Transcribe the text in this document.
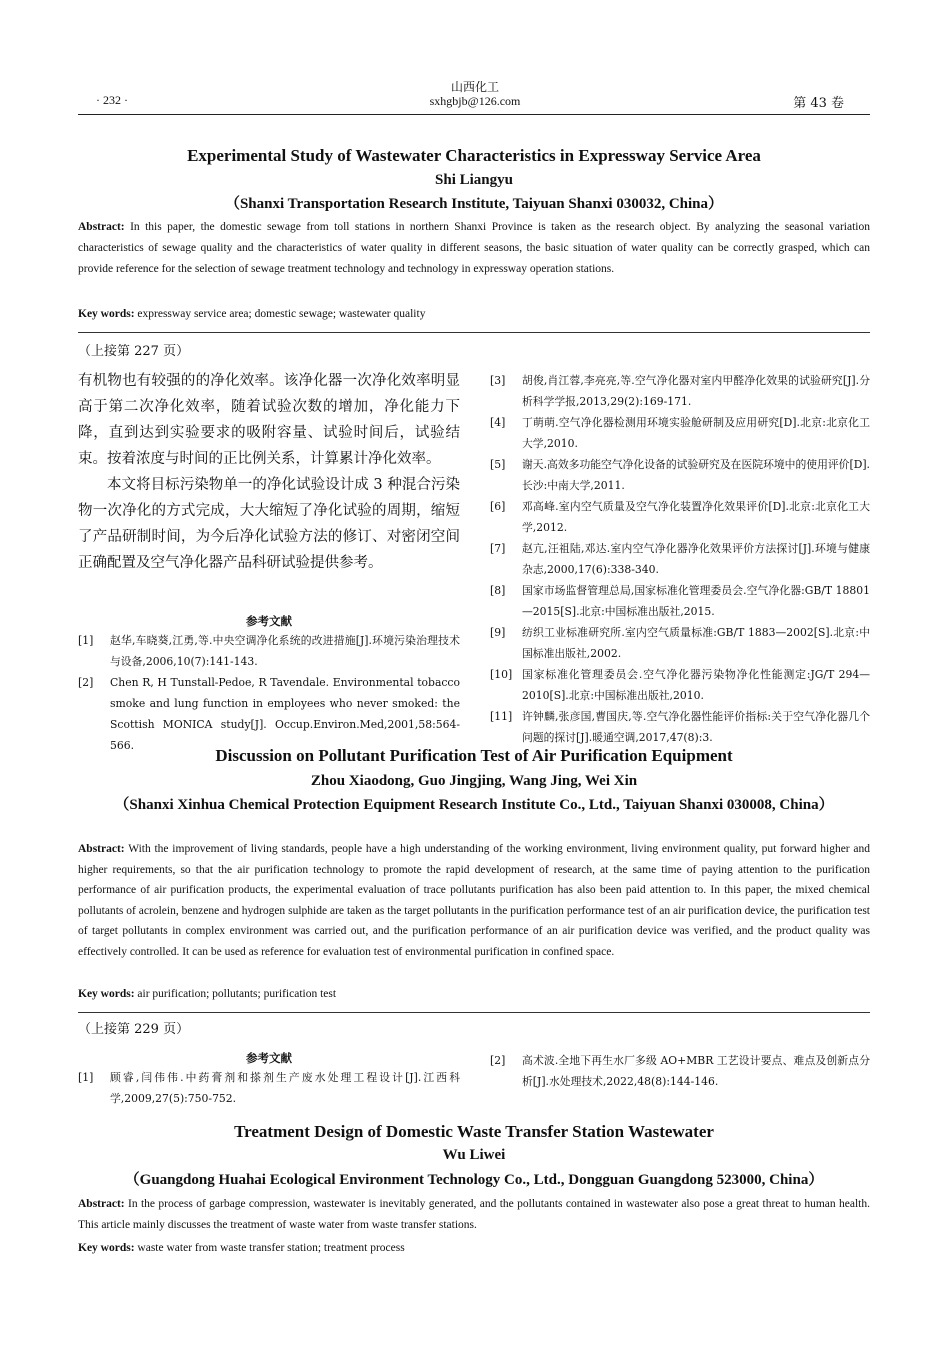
· 232 ·
山西化工
sxhgbjb@126.com	第 43 卷
Experimental Study of Wastewater Characteristics in Expressway Service Area
Shi Liangyu
（Shanxi Transportation Research Institute, Taiyuan Shanxi 030032, China）
Abstract: In this paper, the domestic sewage from toll stations in northern Shanxi Province is taken as the research object. By analyzing the seasonal variation characteristics of sewage quality and the characteristics of water quality in different seasons, the basic situation of water quality can be correctly grasped, which can provide reference for the selection of sewage treatment technology and technology in expressway operation stations.
Key words: expressway service area; domestic sewage; wastewater quality
（上接第 227 页）

有机物也有较强的的净化效率。该净化器一次净化效率明显高于第二次净化效率，随着试验次数的增加，净化能力下降，直到达到实验要求的吸附容量、试验时间后，试验结束。按着浓度与时间的正比例关系，计算累计净化效率。

本文将目标污染物单一的净化试验设计成 3 种混合污染物一次净化的方式完成，大大缩短了净化试验的周期，缩短了产品研制时间，为今后净化试验方法的修订、对密闭空间正确配置及空气净化器产品科研试验提供参考。

参考文献
[1]	赵华,车晓葵,江勇,等.中央空调净化系统的改进措施[J].环境污染治理技术与设备,2006,10(7):141-143.
[2]	Chen R, H Tunstall-Pedoe, R Tavendale. Environmental tobacco smoke and lung function in employees who never smoked: the Scottish MONICA study[J]. Occup.Environ.Med,2001,58:564-566.
[3]	胡俊,肖江蓉,李亮亮,等.空气净化器对室内甲醛净化效果的试验研究[J].分析科学学报,2013,29(2):169-171.
[4]	丁萌萌.空气净化器检测用环境实验舱研制及应用研究[D].北京:北京化工大学,2010.
[5]	谢天.高效多功能空气净化设备的试验研究及在医院环境中的使用评价[D].长沙:中南大学,2011.
[6]	邓高峰.室内空气质量及空气净化装置净化效果评价[D].北京:北京化工大学,2012.
[7]	赵亢,汪祖陆,邓达.室内空气净化器净化效果评价方法探讨[J].环境与健康杂志,2000,17(6):338-340.
[8]	国家市场监督管理总局,国家标准化管理委员会.空气净化器:GB/T 18801—2015[S].北京:中国标准出版社,2015.
[9]	纺织工业标准研究所.室内空气质量标准:GB/T 1883—2002[S].北京:中国标准出版社,2002.
[10] 国家标准化管理委员会.空气净化器污染物净化性能测定:JG/T 294—2010[S].北京:中国标准出版社,2010.
[11] 许钟麟,张彦国,曹国庆,等.空气净化器性能评价指标:关于空气净化器几个问题的探讨[J].暖通空调,2017,47(8):3.
Discussion on Pollutant Purification Test of Air Purification Equipment
Zhou Xiaodong, Guo Jingjing, Wang Jing, Wei Xin
（Shanxi Xinhua Chemical Protection Equipment Research Institute Co., Ltd., Taiyuan Shanxi 030008, China）
Abstract: With the improvement of living standards, people have a high understanding of the working environment, living environment quality, put forward higher and higher requirements, so that the air purification technology to promote the rapid development of research, at the same time of paying attention to the purification performance of air purification products, the experimental evaluation of trace pollutants purification has also been paid attention to. In this paper, the mixed chemical pollutants of acrolein, benzene and hydrogen sulphide are taken as the target pollutants in the purification performance test of an air purification device, the purification test of target pollutants in complex environment was carried out, and the purification performance of an air purification device was verified, and the product quality was effectively controlled. It can be used as reference for evaluation test of environmental purification in confined space.
Key words: air purification; pollutants; purification test
（上接第 229 页）
参考文献
[1]	顾睿,闫伟伟.中药膏剂和搽剂生产废水处理工程设计[J].江西科学,2009,27(5):750-752.
[2]	高术波.全地下再生水厂多级 AO+MBR 工艺设计要点、难点及创新点分析[J].水处理技术,2022,48(8):144-146.
Treatment Design of Domestic Waste Transfer Station Wastewater
Wu Liwei
（Guangdong Huahai Ecological Environment Technology Co., Ltd., Dongguan Guangdong 523000, China）
Abstract: In the process of garbage compression, wastewater is inevitably generated, and the pollutants contained in wastewater also pose a great threat to human health. This article mainly discusses the treatment of waste water from waste transfer stations.
Key words: waste water from waste transfer station; treatment process
